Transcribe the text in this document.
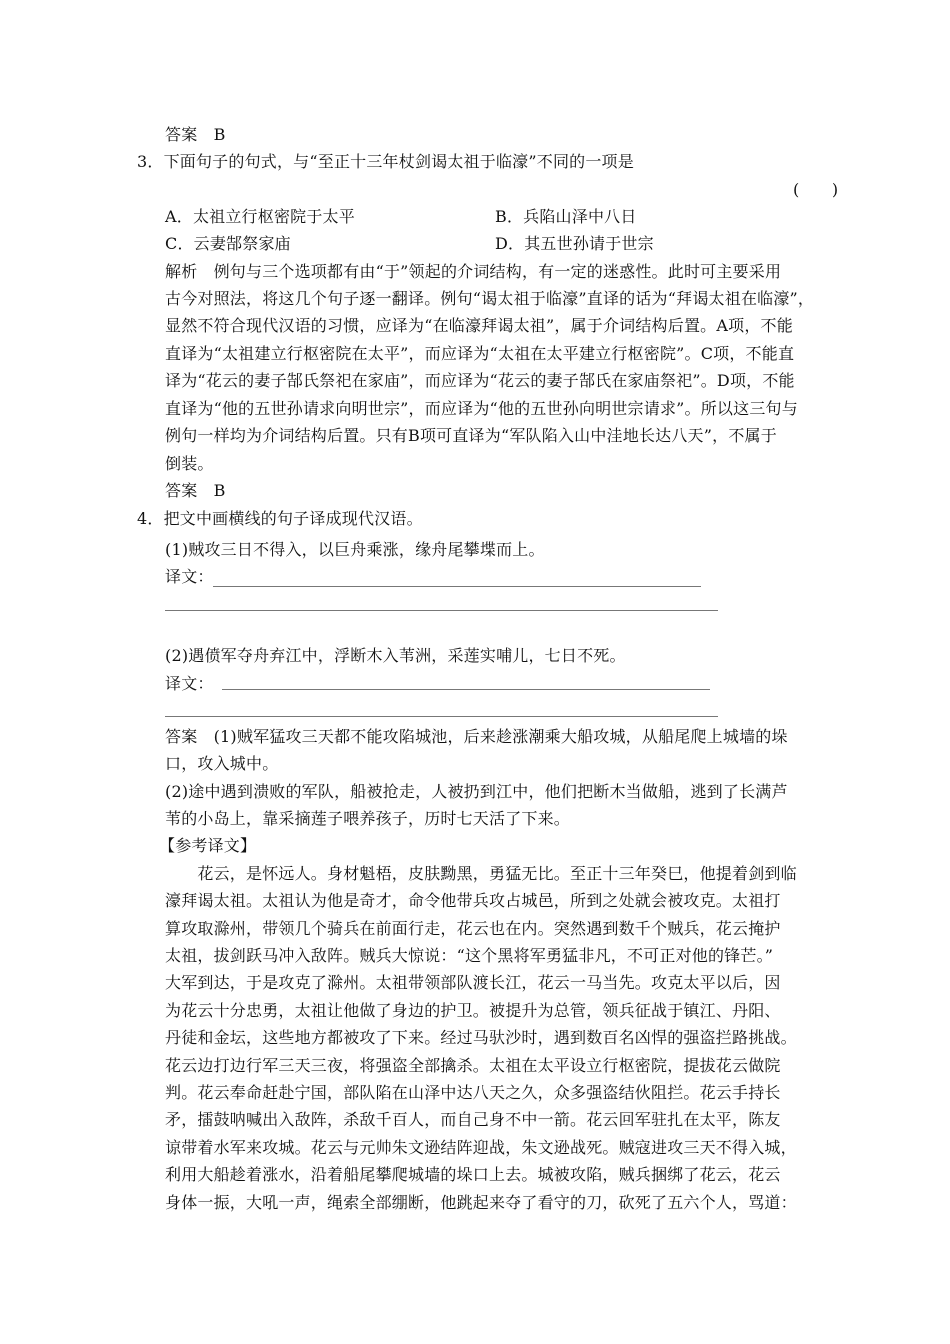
答案　B
3．下面句子的句式，与“至正十三年杖剑谒太祖于临濠”不同的一项是
(　　)
A．太祖立行枢密院于太平	B．兵陷山泽中八日
C．云妻郜祭家庙	D．其五世孙请于世宗
解析　例句与三个选项都有由“于”领起的介词结构，有一定的迷惑性。此时可主要采用
古今对照法，将这几个句子逐一翻译。例句“谒太祖于临濠”直译的话为“拜谒太祖在临濠”，
显然不符合现代汉语的习惯，应译为“在临濠拜谒太祖”，属于介词结构后置。A项，不能
直译为“太祖建立行枢密院在太平”，而应译为“太祖在太平建立行枢密院”。C项，不能直
译为“花云的妻子郜氏祭祀在家庙”，而应译为“花云的妻子郜氏在家庙祭祀”。D项，不能
直译为“他的五世孙请求向明世宗”，而应译为“他的五世孙向明世宗请求”。所以这三句与
例句一样均为介词结构后置。只有B项可直译为“军队陷入山中洼地长达八天”，不属于
倒装。
答案　B
4．把文中画横线的句子译成现代汉语。
(1)贼攻三日不得入，以巨舟乘涨，缘舟尾攀堞而上。
译文：
(2)遇偾军夺舟弃江中，浮断木入苇洲，采莲实哺儿，七日不死。
译文：
答案　(1)贼军猛攻三天都不能攻陷城池，后来趁涨潮乘大船攻城，从船尾爬上城墙的垛
口，攻入城中。
(2)途中遇到溃败的军队，船被抢走，人被扔到江中，他们把断木当做船，逃到了长满芦
苇的小岛上，靠采摘莲子喂养孩子，历时七天活了下来。
【参考译文】
　　花云，是怀远人。身材魁梧，皮肤黝黑，勇猛无比。至正十三年癸巳，他提着剑到临
濠拜谒太祖。太祖认为他是奇才，命令他带兵攻占城邑，所到之处就会被攻克。太祖打
算攻取滁州，带领几个骑兵在前面行走，花云也在内。突然遇到数千个贼兵，花云掩护
太祖，拔剑跃马冲入敌阵。贼兵大惊说：“这个黑将军勇猛非凡，不可正对他的锋芒。”
大军到达，于是攻克了滁州。太祖带领部队渡长江，花云一马当先。攻克太平以后，因
为花云十分忠勇，太祖让他做了身边的护卫。被提升为总管，领兵征战于镇江、丹阳、
丹徒和金坛，这些地方都被攻了下来。经过马驮沙时，遇到数百名凶悍的强盗拦路挑战。
花云边打边行军三天三夜，将强盗全部擒杀。太祖在太平设立行枢密院，提拔花云做院
判。花云奉命赶赴宁国，部队陷在山泽中达八天之久，众多强盗结伙阻拦。花云手持长
矛，擂鼓呐喊出入敌阵，杀敌千百人，而自己身不中一箭。花云回军驻扎在太平，陈友
谅带着水军来攻城。花云与元帅朱文逊结阵迎战，朱文逊战死。贼寇进攻三天不得入城，
利用大船趁着涨水，沿着船尾攀爬城墙的垛口上去。城被攻陷，贼兵捆绑了花云，花云
身体一振，大吼一声，绳索全部绷断，他跳起来夺了看守的刀，砍死了五六个人，骂道：
